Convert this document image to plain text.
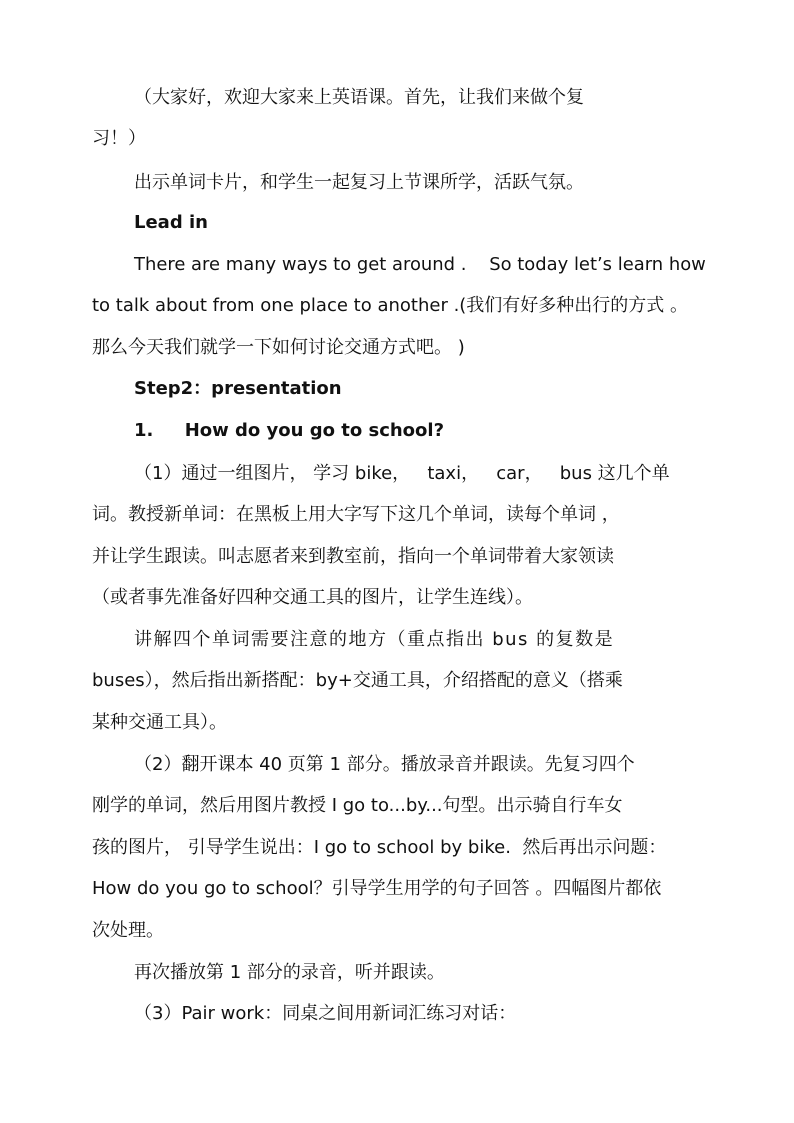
（大家好，欢迎大家来上英语课。首先，让我们来做个复
习！）
出示单词卡片，和学生一起复习上节课所学，活跃气氛。
Lead in
There are many ways to get around .    So today let’s learn how
to talk about from one place to another .(我们有好多种出行的方式 。
那么今天我们就学一下如何讨论交通方式吧。 )
Step2：presentation
1.     How do you go to school?
（1）通过一组图片， 学习 bike，   taxi，   car，   bus 这几个单
词。教授新单词：在黑板上用大字写下这几个单词，读每个单词 ，
并让学生跟读。叫志愿者来到教室前，指向一个单词带着大家领读
（或者事先准备好四种交通工具的图片，让学生连线）。
讲解四个单词需要注意的地方（重点指出 bus 的复数是
buses），然后指出新搭配：by+交通工具，介绍搭配的意义（搭乘
某种交通工具）。
（2）翻开课本 40 页第 1 部分。播放录音并跟读。先复习四个
刚学的单词，然后用图片教授 I go to...by...句型。出示骑自行车女
孩的图片， 引导学生说出：I go to school by bike.  然后再出示问题：
How do you go to school？引导学生用学的句子回答 。四幅图片都依
次处理。
再次播放第 1 部分的录音，听并跟读。
（3）Pair work：同桌之间用新词汇练习对话：
